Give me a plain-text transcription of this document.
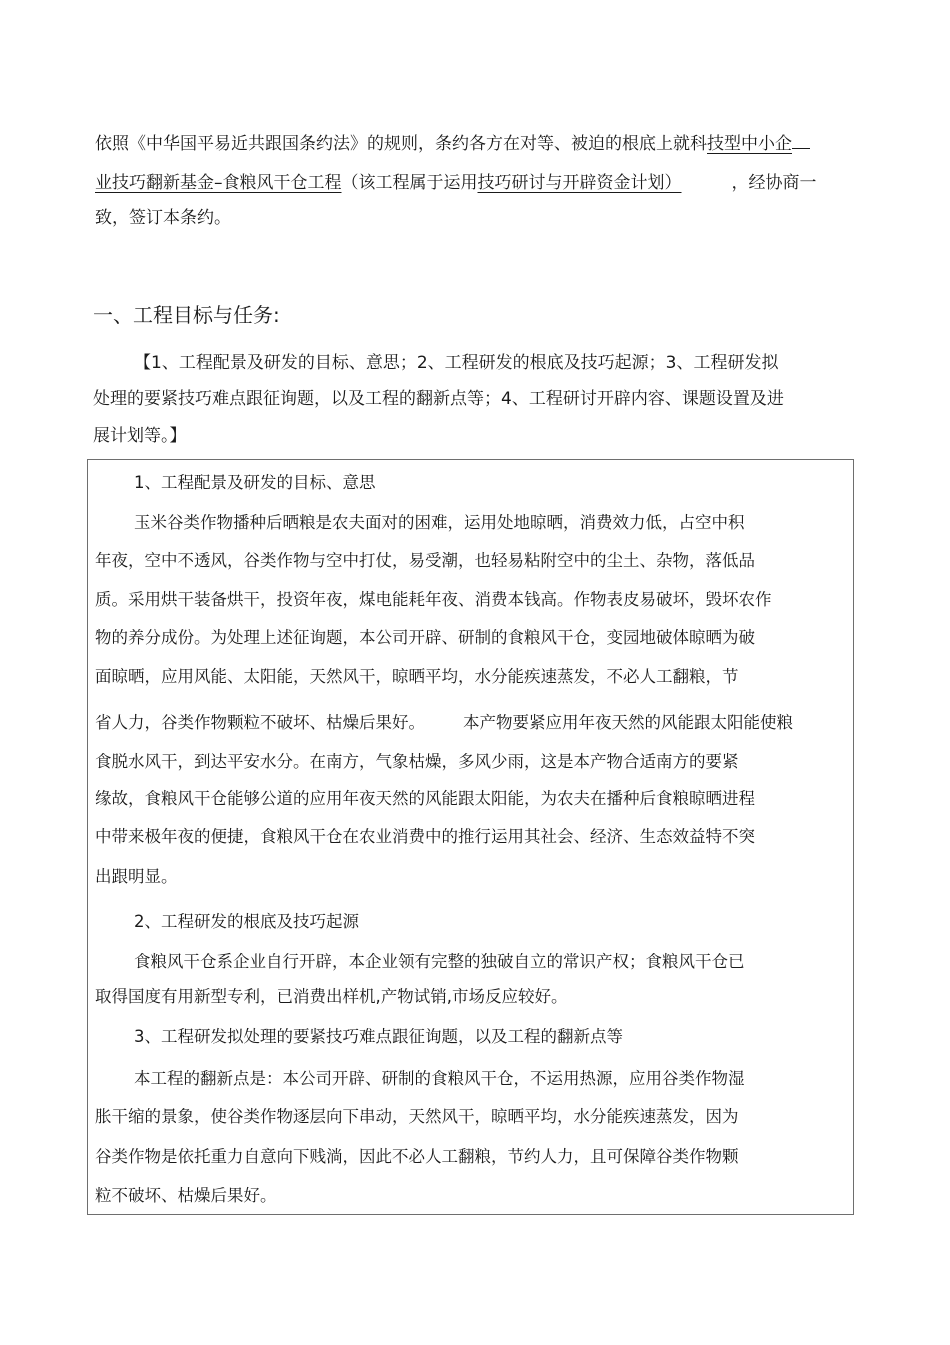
依照《中华国平易近共跟国条约法》的规则，条约各方在对等、被迫的根底上就科技型中小企
业技巧翻新基金–食粮风干仓工程（该工程属于运用技巧研讨与开辟资金计划）	，经协商一
致，签订本条约。
一、工程目标与任务:
【1、工程配景及研发的目标、意思；2、工程研发的根底及技巧起源；3、工程研发拟
处理的要紧技巧难点跟征询题，以及工程的翻新点等；4、工程研讨开辟内容、课题设置及进
展计划等。】
1、工程配景及研发的目标、意思
玉米谷类作物播种后晒粮是农夫面对的困难，运用处地晾晒，消费效力低，占空中积
年夜，空中不透风，谷类作物与空中打仗，易受潮，也轻易粘附空中的尘土、杂物，落低品
质。采用烘干装备烘干，投资年夜，煤电能耗年夜、消费本钱高。作物表皮易破坏，毁坏农作
物的养分成份。为处理上述征询题，本公司开辟、研制的食粮风干仓，变园地破体晾晒为破
面晾晒，应用风能、太阳能，天然风干，晾晒平均，水分能疾速蒸发，不必人工翻粮，节
省人力，谷类作物颗粒不破坏、枯燥后果好。 本产物要紧应用年夜天然的风能跟太阳能使粮
食脱水风干，到达平安水分。在南方，气象枯燥，多风少雨，这是本产物合适南方的要紧
缘故，食粮风干仓能够公道的应用年夜天然的风能跟太阳能，为农夫在播种后食粮晾晒进程
中带来极年夜的便捷，食粮风干仓在农业消费中的推行运用其社会、经济、生态效益特不突
出跟明显。
2、工程研发的根底及技巧起源
食粮风干仓系企业自行开辟，本企业领有完整的独破自立的常识产权；食粮风干仓已
取得国度有用新型专利，已消费出样机,产物试销,市场反应较好。
3、工程研发拟处理的要紧技巧难点跟征询题，以及工程的翻新点等
本工程的翻新点是：本公司开辟、研制的食粮风干仓，不运用热源，应用谷类作物湿
胀干缩的景象，使谷类作物逐层向下串动，天然风干，晾晒平均，水分能疾速蒸发，因为
谷类作物是依托重力自意向下贱淌，因此不必人工翻粮，节约人力，且可保障谷类作物颗
粒不破坏、枯燥后果好。
